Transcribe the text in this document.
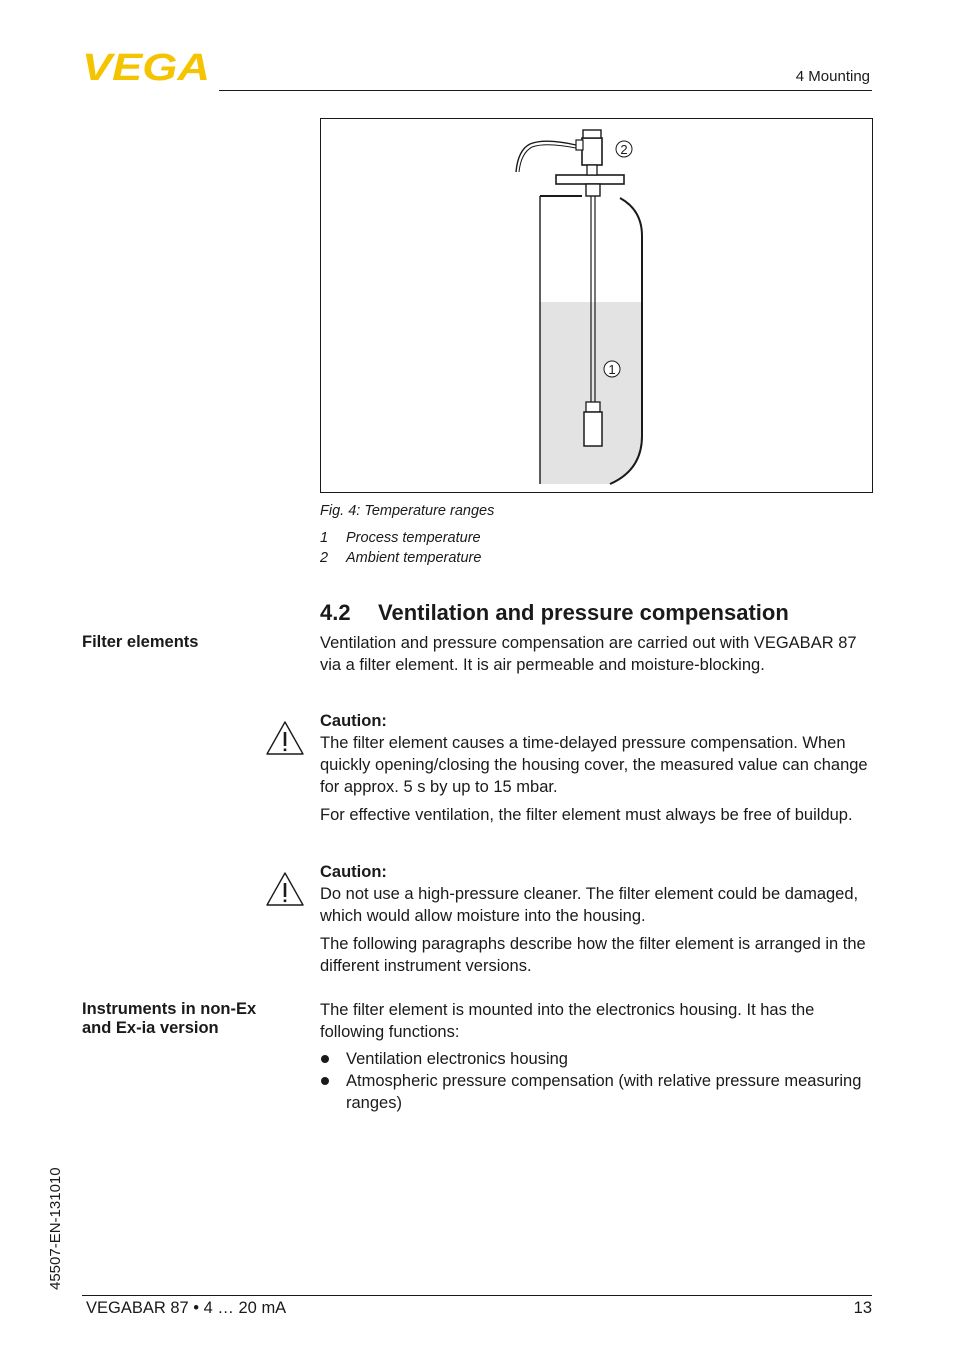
VEGA	4 Mounting
2
1
Fig. 4: Temperature ranges
1 Process temperature
2 Ambient temperature
4.2 Ventilation and pressure compensation
Filter elements	Ventilation and pressure compensation are carried out with VEGABAR 87 via a filter element. It is air permeable and moisture-blocking.

Caution:

The filter element causes a time-delayed pressure compensation. When quickly opening/closing the housing cover, the measured value can change for approx. 5 s by up to 15 mbar.

For effective ventilation, the filter element must always be free of buildup.

Caution:

Do not use a high-pressure cleaner. The filter element could be damaged, which would allow moisture into the housing.

The following paragraphs describe how the filter element is arranged in the different instrument versions.

Instruments in non-Ex and Ex-ia version

The filter element is mounted into the electronics housing. It has the following functions:

Ventilation electronics housing
Atmospheric pressure compensation (with relative pressure measuring ranges)
45507-EN-131010
VEGABAR 87 • 4 … 20 mA	13
